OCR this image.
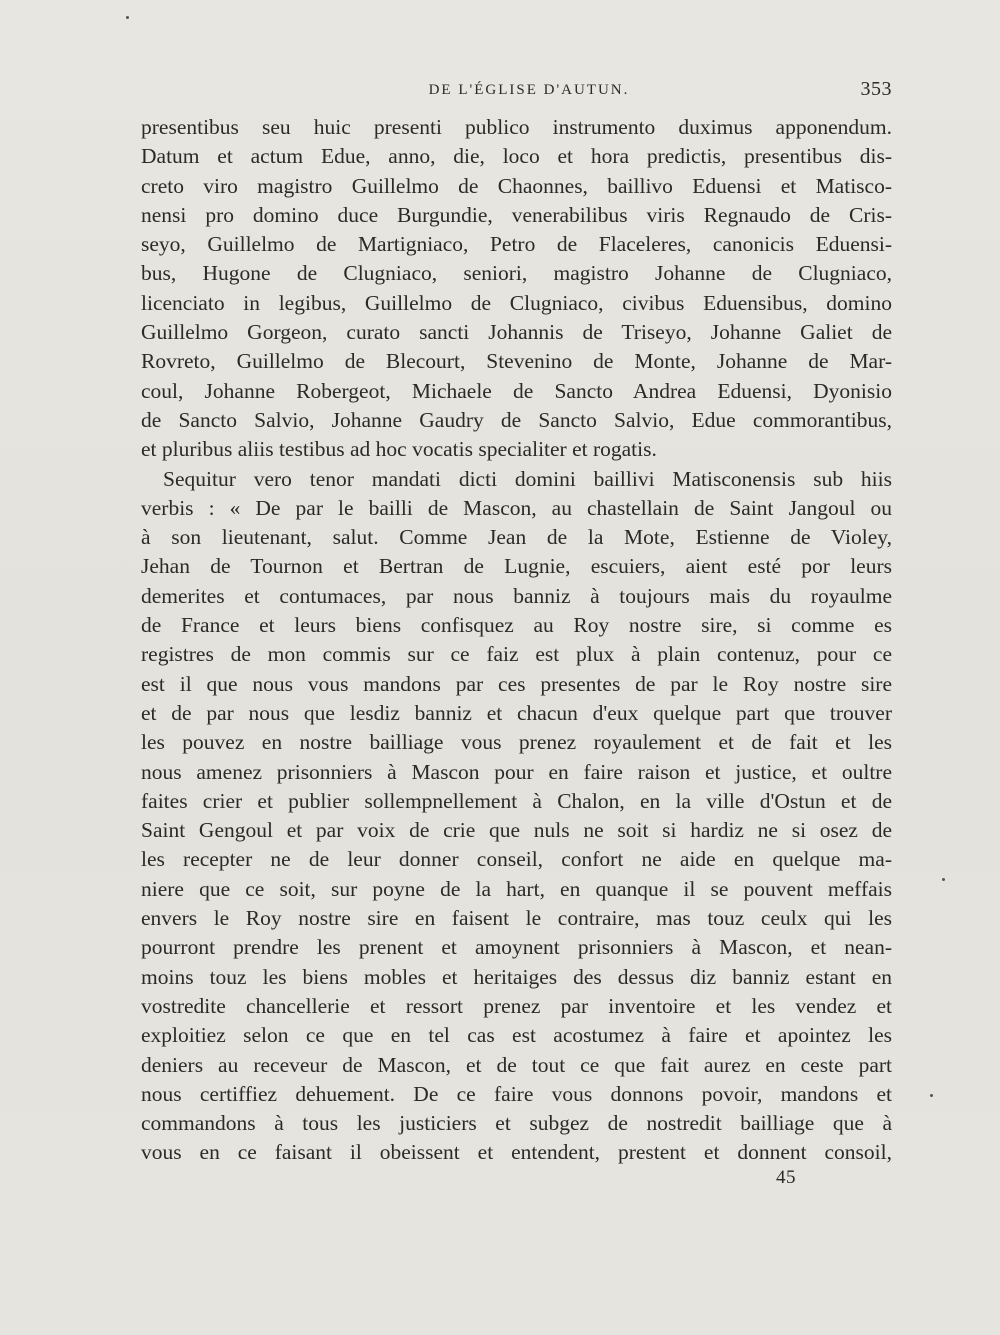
DE L'ÉGLISE D'AUTUN.	353
presentibus seu huic presenti publico instrumento duximus apponendum.
Datum et actum Edue, anno, die, loco et hora predictis, presentibus dis-
creto viro magistro Guillelmo de Chaonnes, baillivo Eduensi et Matisco-
nensi pro domino duce Burgundie, venerabilibus viris Regnaudo de Cris-
seyo, Guillelmo de Martigniaco, Petro de Flaceleres, canonicis Eduensi-
bus, Hugone de Clugniaco, seniori, magistro Johanne de Clugniaco,
licenciato in legibus, Guillelmo de Clugniaco, civibus Eduensibus, domino
Guillelmo Gorgeon, curato sancti Johannis de Triseyo, Johanne Galiet de
Rovreto, Guillelmo de Blecourt, Stevenino de Monte, Johanne de Mar-
coul, Johanne Robergeot, Michaele de Sancto Andrea Eduensi, Dyonisio
de Sancto Salvio, Johanne Gaudry de Sancto Salvio, Edue commorantibus,
et pluribus aliis testibus ad hoc vocatis specialiter et rogatis.
Sequitur vero tenor mandati dicti domini baillivi Matisconensis sub hiis
verbis : « De par le bailli de Mascon, au chastellain de Saint Jangoul ou
à son lieutenant, salut. Comme Jean de la Mote, Estienne de Violey,
Jehan de Tournon et Bertran de Lugnie, escuiers, aient esté por leurs
demerites et contumaces, par nous banniz à toujours mais du royaulme
de France et leurs biens confisquez au Roy nostre sire, si comme es
registres de mon commis sur ce faiz est plux à plain contenuz, pour ce
est il que nous vous mandons par ces presentes de par le Roy nostre sire
et de par nous que lesdiz banniz et chacun d'eux quelque part que trouver
les pouvez en nostre bailliage vous prenez royaulement et de fait et les
nous amenez prisonniers à Mascon pour en faire raison et justice, et oultre
faites crier et publier sollempnellement à Chalon, en la ville d'Ostun et de
Saint Gengoul et par voix de crie que nuls ne soit si hardiz ne si osez de
les recepter ne de leur donner conseil, confort ne aide en quelque ma-
niere que ce soit, sur poyne de la hart, en quanque il se pouvent meffais
envers le Roy nostre sire en faisent le contraire, mas touz ceulx qui les
pourront prendre les prenent et amoynent prisonniers à Mascon, et nean-
moins touz les biens mobles et heritaiges des dessus diz banniz estant en
vostredite chancellerie et ressort prenez par inventoire et les vendez et
exploitiez selon ce que en tel cas est acostumez à faire et apointez les
deniers au receveur de Mascon, et de tout ce que fait aurez en ceste part
nous certiffiez dehuement. De ce faire vous donnons povoir, mandons et
commandons à tous les justiciers et subgez de nostredit bailliage que à
vous en ce faisant il obeissent et entendent, prestent et donnent consoil,
45
